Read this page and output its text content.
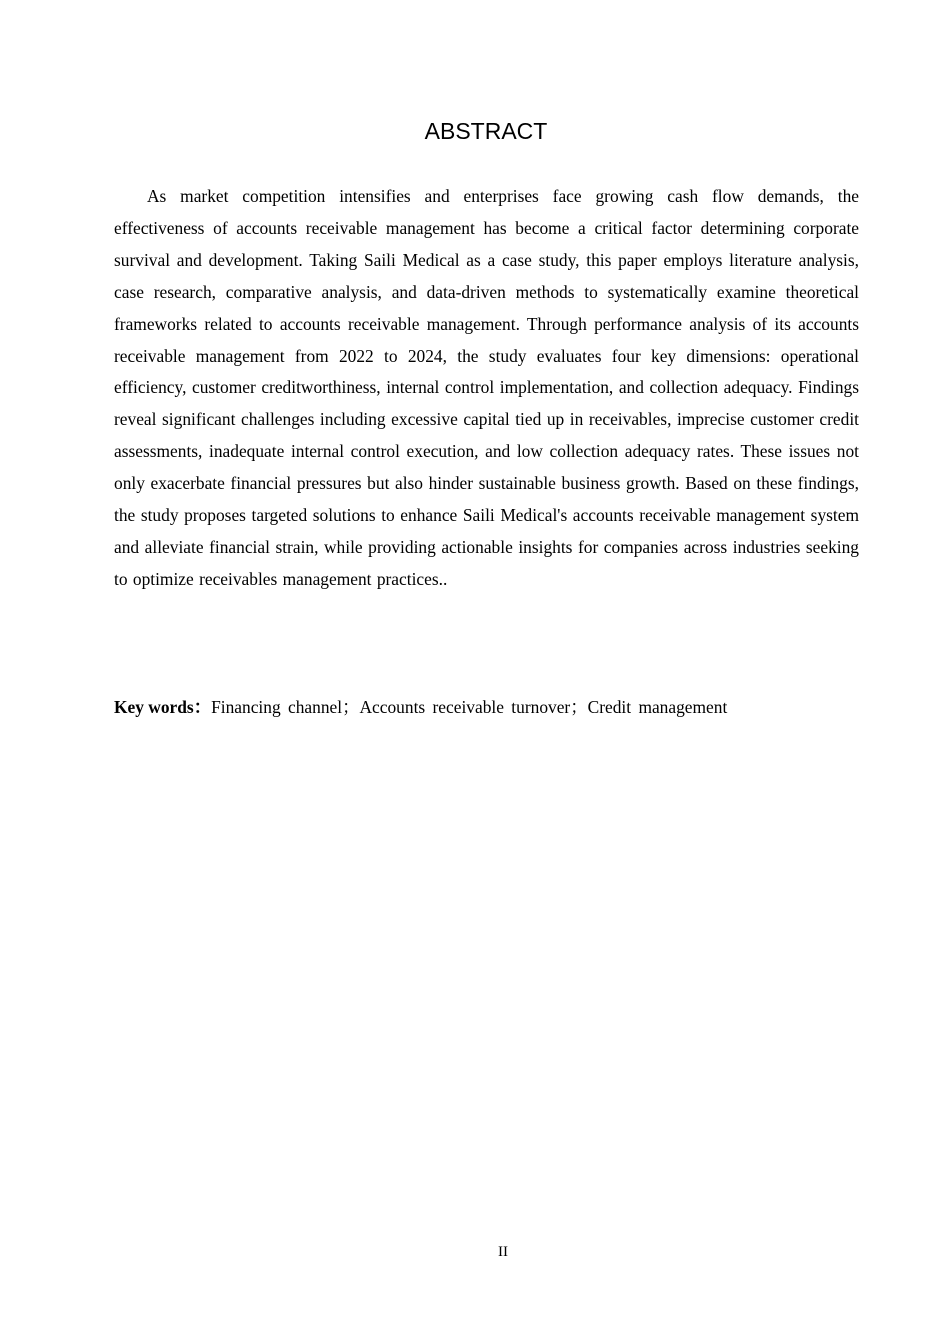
ABSTRACT

As market competition intensifies and enterprises face growing cash flow demands, the effectiveness of accounts receivable management has become a critical factor determining corporate survival and development. Taking Saili Medical as a case study, this paper employs literature analysis, case research, comparative analysis, and data-driven methods to systematically examine theoretical frameworks related to accounts receivable management. Through performance analysis of its accounts receivable management from 2022 to 2024, the study evaluates four key dimensions: operational efficiency, customer creditworthiness, internal control implementation, and collection adequacy. Findings reveal significant challenges including excessive capital tied up in receivables, imprecise customer credit assessments, inadequate internal control execution, and low collection adequacy rates. These issues not only exacerbate financial pressures but also hinder sustainable business growth. Based on these findings, the study proposes targeted solutions to enhance Saili Medical's accounts receivable management system and alleviate financial strain, while providing actionable insights for companies across industries seeking to optimize receivables management practices..

Key words：Financing channel；Accounts receivable turnover；Credit management

II
